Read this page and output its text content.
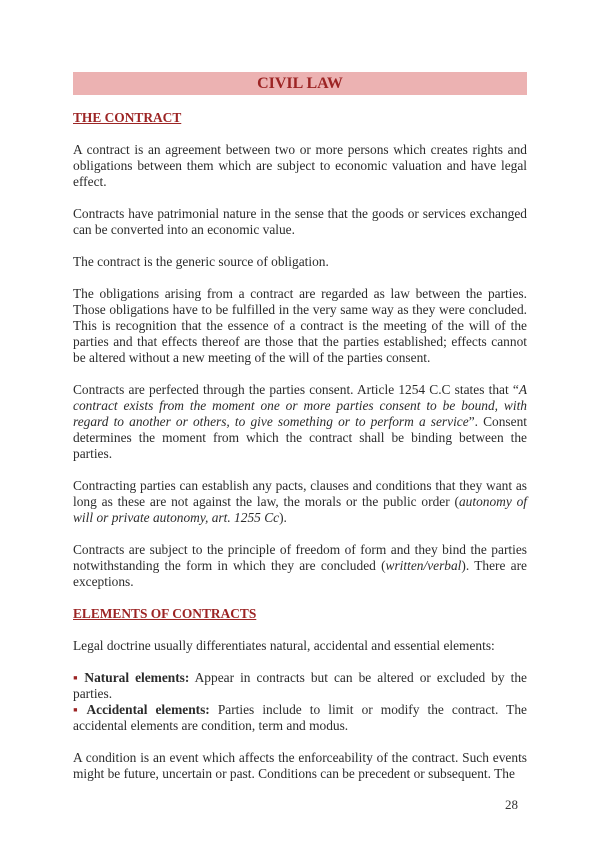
CIVIL LAW
THE CONTRACT

A contract is an agreement between two or more persons which creates rights and obligations between them which are subject to economic valuation and have legal effect.

Contracts have patrimonial nature in the sense that the goods or services exchanged can be converted into an economic value.

The contract is the generic source of obligation.

The obligations arising from a contract are regarded as law between the parties. Those obligations have to be fulfilled in the very same way as they were concluded. This is recognition that the essence of a contract is the meeting of the will of the parties and that effects thereof are those that the parties established; effects cannot be altered without a new meeting of the will of the parties consent.

Contracts are perfected through the parties consent. Article 1254 C.C states that “A contract exists from the moment one or more parties consent to be bound, with regard to another or others, to give something or to perform a service”. Consent determines the moment from which the contract shall be binding between the parties.

Contracting parties can establish any pacts, clauses and conditions that they want as long as these are not against the law, the morals or the public order (autonomy of will or private autonomy, art. 1255 Cc).

Contracts are subject to the principle of freedom of form and they bind the parties notwithstanding the form in which they are concluded (written/verbal). There are exceptions.

ELEMENTS OF CONTRACTS

Legal doctrine usually differentiates natural, accidental and essential elements:

▪ Natural elements: Appear in contracts but can be altered or excluded by the parties.

▪ Accidental elements: Parties include to limit or modify the contract. The accidental elements are condition, term and modus.

A condition is an event which affects the enforceability of the contract. Such events might be future, uncertain or past. Conditions can be precedent or subsequent. The

28
